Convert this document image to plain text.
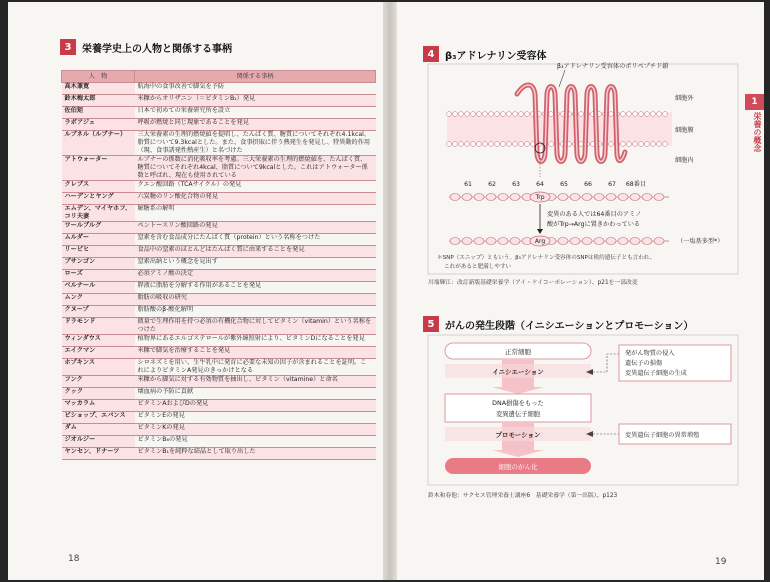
3	栄養学史上の人物と関係する事柄
人　物	関係する事柄
高木兼寛	航海中の食事改善で脚気を予防
鈴木梅太郎	米糠からオリザニン（＝ビタミンB₁）発見
佐伯矩	日本で初めての栄養研究所を設立
ラボアジェ	呼吸が燃焼と同じ現象であることを発見
ルブネル（ルブナー）	三大栄養素の生理的燃焼値を提唱し、たんぱく質、糖質についてそれぞれ4.1kcal、脂質について9.3kcalとした。また、食事摂取に伴う熱発生を発見し、特異動的作用（現、食事誘発性熱産生）と名づけた
アトウォーター	ルブナーの係数に消化吸収率を考慮。三大栄養素の生理的燃焼値を、たんぱく質、糖質についてそれぞれ4kcal、脂質について9kcalとした。これはアトウォーター係数と呼ばれ、現在も使用されている
クレブス	クエン酸回路（TCAサイクル）の発見
ハーデンとヤング	六炭糖のリン酸化合物の発見
エムデン、マイヤホフ、コリ夫妻	解糖系の解明
ワールブルグ	ペントースリン酸回路の発見
ムルダー	窒素を含む食品成分にたんぱく質（protein）という名称をつけた
リービヒ	食品中の窒素のほとんどはたんぱく質に由来することを発見
ブサンゴン	窒素出納という概念を見出す
ローズ	必須アミノ酸の決定
ベルナール	膵液に脂肪を分解する作用があることを発見
ムンク	脂肪の吸収の研究
クヌープ	脂肪酸のβ-酸化解明
ドラモンド	微量で生理作用を持つ必須の有機化合物に対してビタミン（vitamin）という名称をつけた
ウィンダウス	植物界にあるエルゴステロールが紫外線照射により、ビタミンDになることを発見
エイクマン	米糠で脚気を治療することを発見
ホプキンス	シロネズミを用い、生牛乳中に発育に必要な未知の因子が含まれることを証明。これによりビタミンA発見のきっかけとなる
フンク	米糠から脚気に対する有効物質を抽出し、ビタミン（vitamine）と命名
クック	壊血病の予防に貢献
マッカラム	ビタミンAおよびDの発見
ビショップ、エバンス	ビタミンEの発見
ダム	ビタミンKの発見
ジオルジー	ビタミンB₆の発見
ヤンセン、ドナーツ	ビタミンB₁を純粋な結晶として取り出した
18
4	β₃アドレナリン受容体
β₃アドレナリン受容体のポリペプチド鎖
細胞外
細胞膜
細胞内
61	62	63	64	65	66	67 68番目
Trp
変異のある人では64番目のアミノ
酸がTrp→Argに置きかわっている
Arg	（一塩基多型*）
＊SNP（スニップ）ともいう。β₃アドレナリン受容体のSNPは倹約遺伝子とも言われ、
これがあると肥満しやすい
川端輝江：改訂新版基礎栄養学（アイ・ケイコーポレーション）、p21を一部改変
正常細胞
イニシエーション
DNA損傷をもった
変異遺伝子細胞
プロモーション
細胞のがん化
発がん物質の侵入
遺伝子の損傷
変異遺伝子細胞の生成
変異遺伝子細胞の異常増殖
鈴木和春他：サクセス管理栄養士講座6　基礎栄養学（第一出版）、p123
5	がんの発生段階（イニシエーションとプロモーション）
1
栄養の概念
19
